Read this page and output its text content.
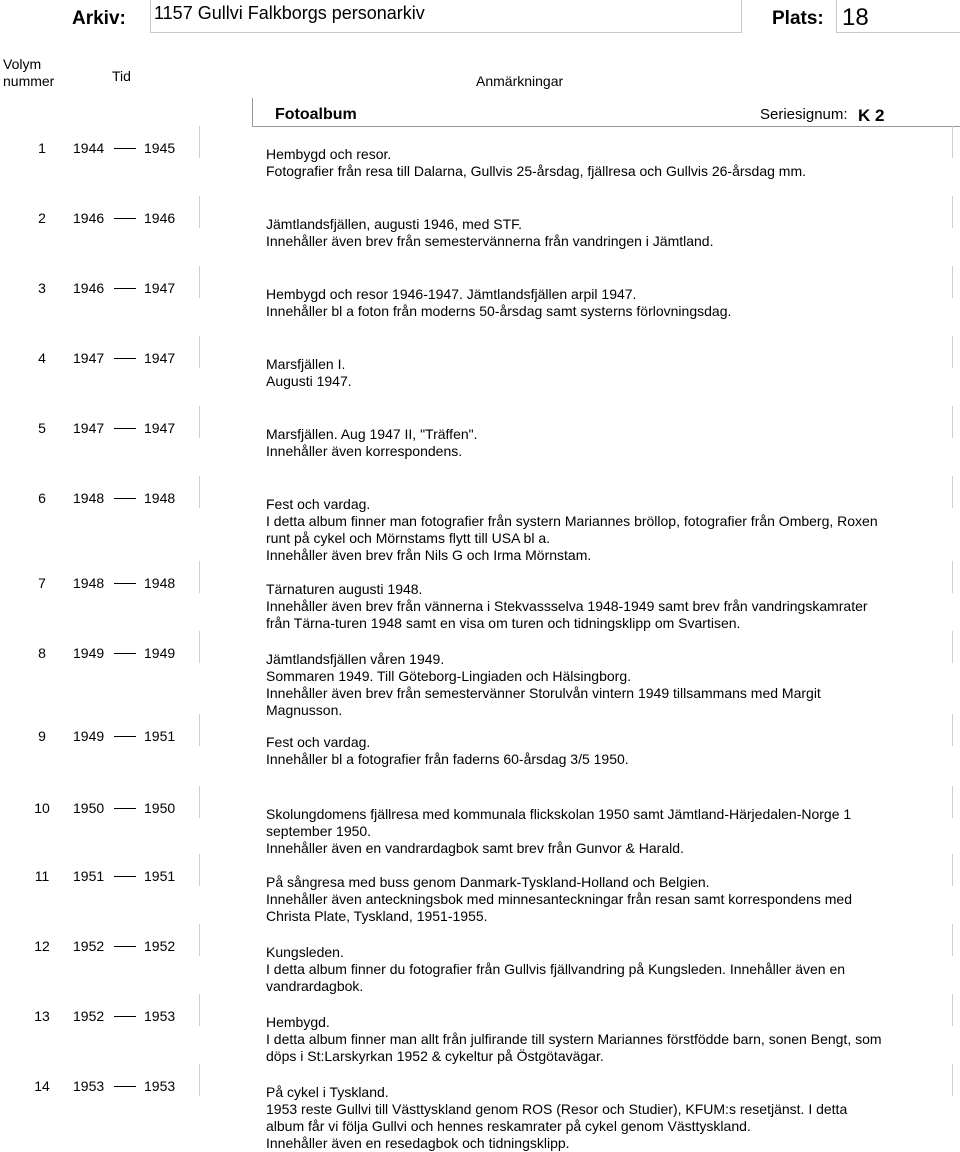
Arkiv: 1157 Gullvi Falkborgs personarkiv	Plats: 18
Volym
nummer	Tid	Anmärkningar
Fotoalbum	Seriesignum: K 2
1	1944	1945	Hembygd och resor.
Fotografier från resa till Dalarna, Gullvis 25-årsdag, fjällresa och Gullvis 26-årsdag mm.
2	1946	1946	Jämtlandsfjällen, augusti 1946, med STF.
Innehåller även brev från semestervännerna från vandringen i Jämtland.
3	1946	1947	Hembygd och resor 1946-1947. Jämtlandsfjällen arpil 1947.
Innehåller bl a foton från moderns 50-årsdag samt systerns förlovningsdag.
4	1947	1947	Marsfjällen I.
Augusti 1947.
5	1947	1947	Marsfjällen. Aug 1947 II, "Träffen".
Innehåller även korrespondens.
6	1948	1948	Fest och vardag.
I detta album finner man fotografier från systern Mariannes bröllop, fotografier från Omberg, Roxen
runt på cykel och Mörnstams flytt till USA bl a.
Innehåller även brev från Nils G och Irma Mörnstam.
7	1948	1948	Tärnaturen augusti 1948.
Innehåller även brev från vännerna i Stekvassselva 1948-1949 samt brev från vandringskamrater
från Tärna-turen 1948 samt en visa om turen och tidningsklipp om Svartisen.
8	1949	1949	Jämtlandsfjällen våren 1949.
Sommaren 1949. Till Göteborg-Lingiaden och Hälsingborg.
Innehåller även brev från semestervänner Storulvån vintern 1949 tillsammans med Margit
Magnusson.
9	1949	1951	Fest och vardag.
Innehåller bl a fotografier från faderns 60-årsdag 3/5 1950.
10 1950	1950	Skolungdomens fjällresa med kommunala flickskolan 1950 samt Jämtland-Härjedalen-Norge 1
september 1950.
Innehåller även en vandrardagbok samt brev från Gunvor & Harald.
11 1951	1951	På sångresa med buss genom Danmark-Tyskland-Holland och Belgien.
Innehåller även anteckningsbok med minnesanteckningar från resan samt korrespondens med
Christa Plate, Tyskland, 1951-1955.
12 1952	1952	Kungsleden.
I detta album finner du fotografier från Gullvis fjällvandring på Kungsleden. Innehåller även en
vandrardagbok.
13 1952	1953	Hembygd.
I detta album finner man allt från julfirande till systern Mariannes förstfödde barn, sonen Bengt, som
döps i St:Larskyrkan 1952 & cykeltur på Östgötavägar.
14 1953	1953	På cykel i Tyskland.
1953 reste Gullvi till Västtyskland genom ROS (Resor och Studier), KFUM:s resetjänst. I detta
album får vi följa Gullvi och hennes reskamrater på cykel genom Västtyskland.
Innehåller även en resedagbok och tidningsklipp.
